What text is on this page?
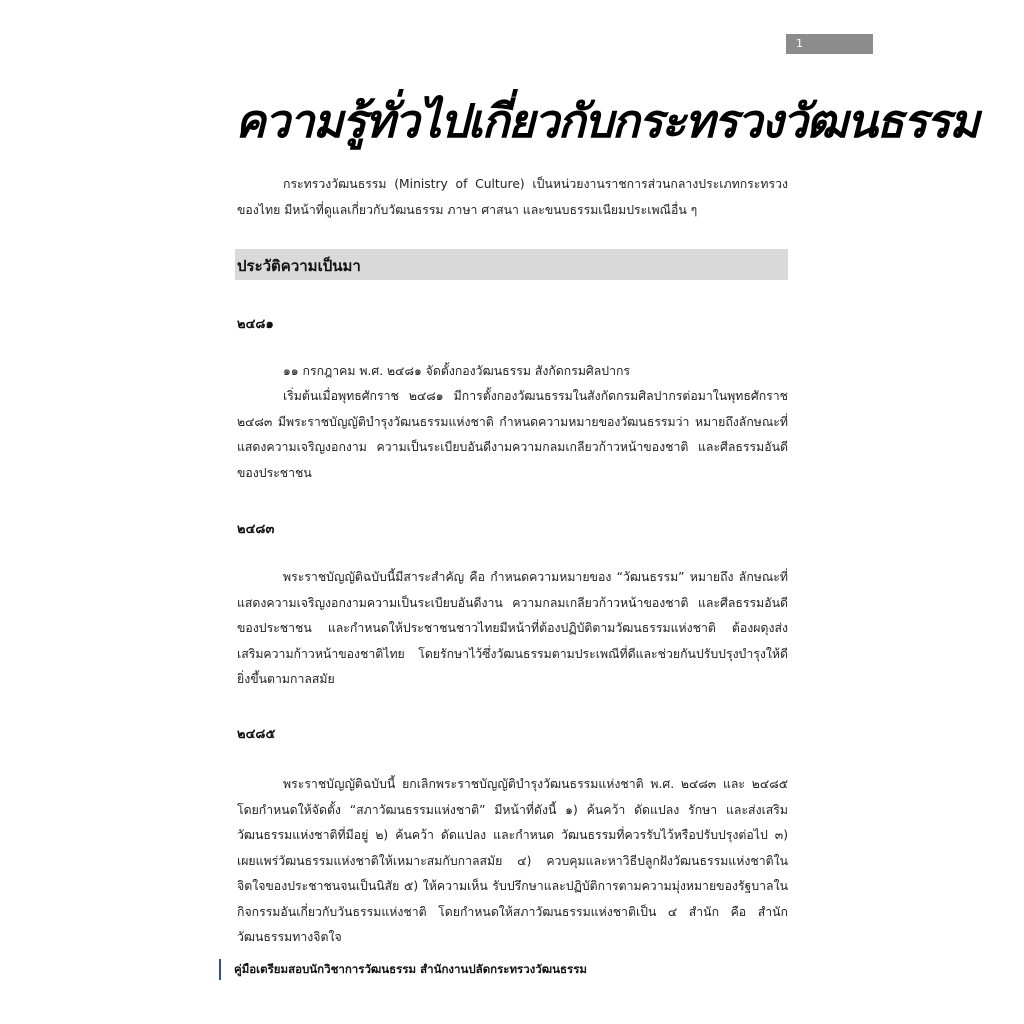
1
ความรู้ทั่วไปเกี่ยวกับกระทรวงวัฒนธรรม
กระทรวงวัฒนธรรม (Ministry of Culture) เป็นหน่วยงานราชการส่วนกลางประเภทกระทรวงของไทย มีหน้าที่ดูแลเกี่ยวกับวัฒนธรรม ภาษา ศาสนา และขนบธรรมเนียมประเพณีอื่น ๆ
ประวัติความเป็นมา
๒๔๘๑
๑๑ กรกฎาคม พ.ศ. ๒๔๘๑ จัดตั้งกองวัฒนธรรม สังกัดกรมศิลปากร
เริ่มต้นเมื่อพุทธศักราช ๒๔๘๑ มีการตั้งกองวัฒนธรรมในสังกัดกรมศิลปากรต่อมาในพุทธศักราช ๒๔๘๓ มีพระราชบัญญัติบำรุงวัฒนธรรมแห่งชาติ กำหนดความหมายของวัฒนธรรมว่า หมายถึงลักษณะที่แสดงความเจริญงอกงาม ความเป็นระเบียบอันดีงามความกลมเกลียวก้าวหน้าของชาติ และศีลธรรมอันดีของประชาชน
๒๔๘๓
พระราชบัญญัติฉบับนี้มีสาระสำคัญ คือ กำหนดความหมายของ “วัฒนธรรม” หมายถึง ลักษณะที่แสดงความเจริญงอกงามความเป็นระเบียบอันดีงาน ความกลมเกลียวก้าวหน้าของชาติ และศีลธรรมอันดีของประชาชน และกำหนดให้ประชาชนชาวไทยมีหน้าที่ต้องปฏิบัติตามวัฒนธรรมแห่งชาติ ต้องผดุงส่งเสริมความก้าวหน้าของชาติไทย โดยรักษาไว้ซึ่งวัฒนธรรมตามประเพณีที่ดีและช่วยกันปรับปรุงบำรุงให้ดียิ่งขึ้นตามกาลสมัย
๒๔๘๕
พระราชบัญญัติฉบับนี้ ยกเลิกพระราชบัญญัติบำรุงวัฒนธรรมแห่งชาติ พ.ศ. ๒๔๘๓ และ ๒๔๘๕ โดยกำหนดให้จัดตั้ง “สภาวัฒนธรรมแห่งชาติ” มีหน้าที่ดังนี้ ๑) ค้นคว้า ดัดแปลง รักษา และส่งเสริมวัฒนธรรมแห่งชาติที่มีอยู่ ๒) ค้นคว้า ดัดแปลง และกำหนด วัฒนธรรมที่ควรรับไว้หรือปรับปรุงต่อไป ๓) เผยแพร่วัฒนธรรมแห่งชาติให้เหมาะสมกับกาลสมัย ๔) ควบคุมและหาวิธีปลูกฝังวัฒนธรรมแห่งชาติในจิตใจของประชาชนจนเป็นนิสัย ๕) ให้ความเห็น รับปรึกษาและปฏิบัติการตามความมุ่งหมายของรัฐบาลในกิจกรรมอันเกี่ยวกับวันธรรมแห่งชาติ โดยกำหนดให้สภาวัฒนธรรมแห่งชาติเป็น ๔ สำนัก คือ สำนักวัฒนธรรมทางจิตใจ
คู่มือเตรียมสอบนักวิชาการวัฒนธรรม สำนักงานปลัดกระทรวงวัฒนธรรม
